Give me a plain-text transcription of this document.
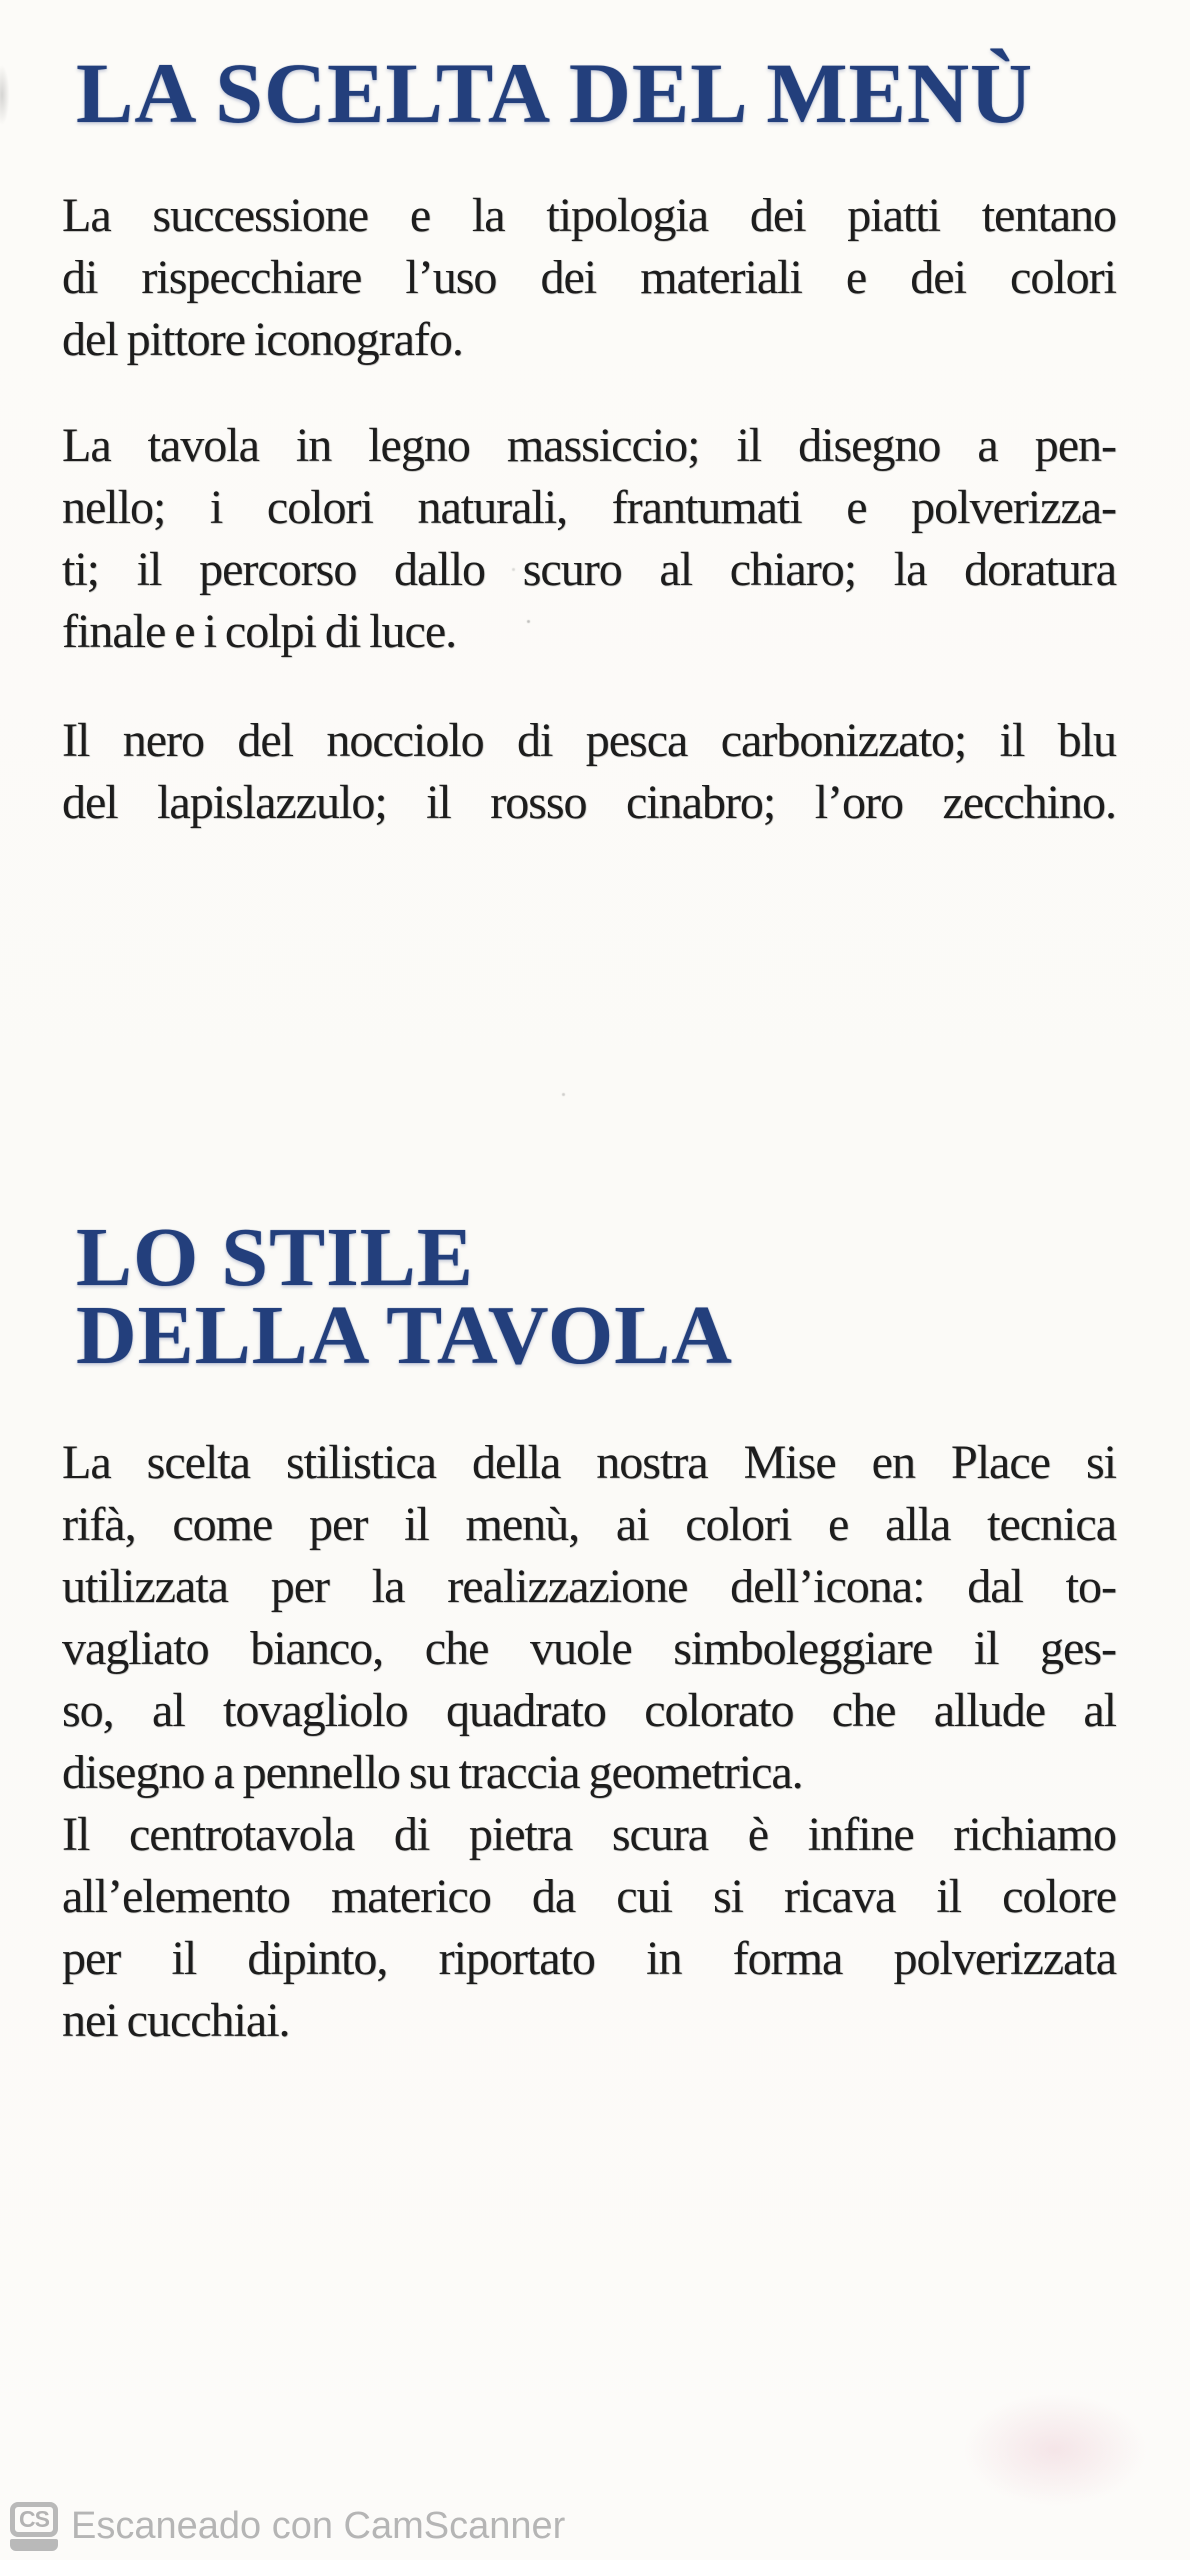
LA SCELTA DEL MENÙ
La successione e la tipologia dei piatti tentano
di rispecchiare l’uso dei materiali e dei colori
del pittore iconografo.
La tavola in legno massiccio; il disegno a pen-
nello; i colori naturali, frantumati e polverizza-
ti; il percorso dallo scuro al chiaro; la doratura
finale e i colpi di luce.
Il nero del nocciolo di pesca carbonizzato; il blu
del lapislazzulo; il rosso cinabro; l’oro zecchino.
LO STILE
DELLA TAVOLA
La scelta stilistica della nostra Mise en Place si
rifà, come per il menù, ai colori e alla tecnica
utilizzata per la realizzazione dell’icona: dal to-
vagliato bianco, che vuole simboleggiare il ges-
so, al tovagliolo quadrato colorato che allude al
disegno a pennello su traccia geometrica.
Il centrotavola di pietra scura è infine richiamo
all’elemento materico da cui si ricava il colore
per il dipinto, riportato in forma polverizzata
nei cucchiai.
CS Escaneado con CamScanner
